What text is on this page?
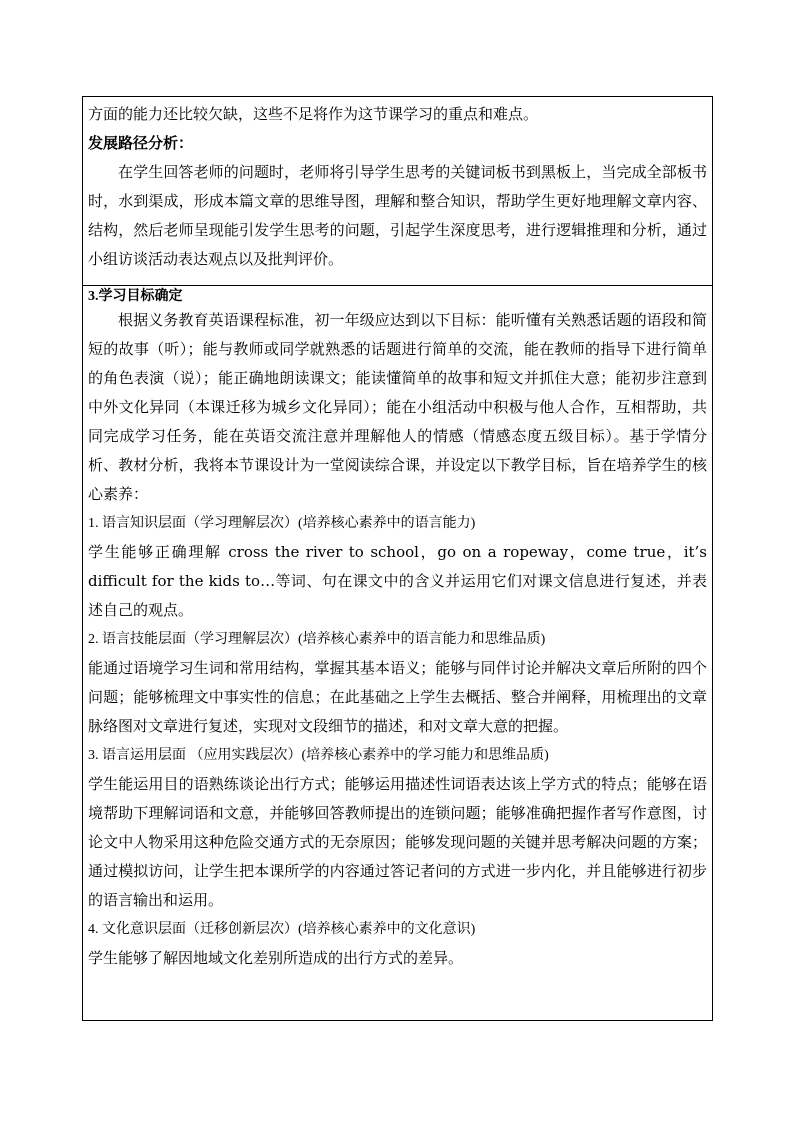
方面的能力还比较欠缺，这些不足将作为这节课学习的重点和难点。

发展路径分析：

在学生回答老师的问题时，老师将引导学生思考的关键词板书到黑板上，当完成全部板书时，水到渠成，形成本篇文章的思维导图，理解和整合知识，帮助学生更好地理解文章内容、结构，然后老师呈现能引发学生思考的问题，引起学生深度思考，进行逻辑推理和分析，通过小组访谈活动表达观点以及批判评价。

3.学习目标确定

根据义务教育英语课程标准，初一年级应达到以下目标：能听懂有关熟悉话题的语段和简短的故事（听）；能与教师或同学就熟悉的话题进行简单的交流，能在教师的指导下进行简单的角色表演（说）；能正确地朗读课文；能读懂简单的故事和短文并抓住大意；能初步注意到中外文化异同（本课迁移为城乡文化异同）；能在小组活动中积极与他人合作，互相帮助，共同完成学习任务，能在英语交流注意并理解他人的情感（情感态度五级目标）。基于学情分析、教材分析，我将本节课设计为一堂阅读综合课，并设定以下教学目标，旨在培养学生的核心素养：

1. 语言知识层面（学习理解层次）(培养核心素养中的语言能力)

学生能够正确理解 cross the river to school，go on a ropeway，come true，it’s difficult for the kids to…等词、句在课文中的含义并运用它们对课文信息进行复述，并表述自己的观点。

2. 语言技能层面（学习理解层次）(培养核心素养中的语言能力和思维品质)

能通过语境学习生词和常用结构，掌握其基本语义；能够与同伴讨论并解决文章后所附的四个问题；能够梳理文中事实性的信息；在此基础之上学生去概括、整合并阐释，用梳理出的文章脉络图对文章进行复述，实现对文段细节的描述，和对文章大意的把握。

3. 语言运用层面 （应用实践层次）(培养核心素养中的学习能力和思维品质)

学生能运用目的语熟练谈论出行方式；能够运用描述性词语表达该上学方式的特点；能够在语境帮助下理解词语和文意，并能够回答教师提出的连锁问题；能够准确把握作者写作意图，讨论文中人物采用这种危险交通方式的无奈原因；能够发现问题的关键并思考解决问题的方案；通过模拟访问，让学生把本课所学的内容通过答记者问的方式进一步内化，并且能够进行初步的语言输出和运用。

4. 文化意识层面（迁移创新层次）(培养核心素养中的文化意识)

学生能够了解因地域文化差别所造成的出行方式的差异。
